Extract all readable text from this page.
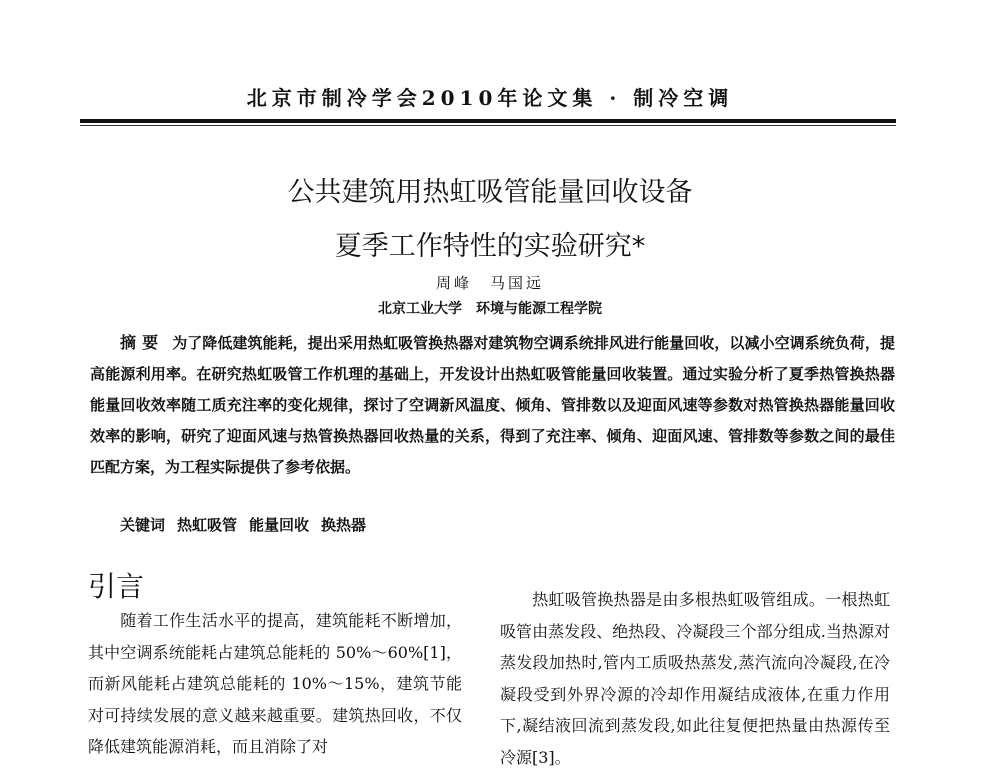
北京市制冷学会2010年论文集 · 制冷空调
公共建筑用热虹吸管能量回收设备
夏季工作特性的实验研究*
周峰　马国远
北京工业大学　环境与能源工程学院
摘要 为了降低建筑能耗，提出采用热虹吸管换热器对建筑物空调系统排风进行能量回收，以减小空调系统负荷，提高能源利用率。在研究热虹吸管工作机理的基础上，开发设计出热虹吸管能量回收装置。通过实验分析了夏季热管换热器能量回收效率随工质充注率的变化规律，探讨了空调新风温度、倾角、管排数以及迎面风速等参数对热管换热器能量回收效率的影响，研究了迎面风速与热管换热器回收热量的关系，得到了充注率、倾角、迎面风速、管排数等参数之间的最佳匹配方案，为工程实际提供了参考依据。
关键词 热虹吸管 能量回收 换热器
引言
随着工作生活水平的提高，建筑能耗不断增加，其中空调系统能耗占建筑总能耗的 50%～60%[1]，而新风能耗占建筑总能耗的 10%～15%，建筑节能对可持续发展的意义越来越重要。建筑热回收，不仅降低建筑能源消耗，而且消除了对
热虹吸管换热器是由多根热虹吸管组成。一根热虹吸管由蒸发段、绝热段、冷凝段三个部分组成.当热源对蒸发段加热时,管内工质吸热蒸发,蒸汽流向冷凝段,在冷凝段受到外界冷源的冷却作用凝结成液体,在重力作用下,凝结液回流到蒸发段,如此往复便把热量由热源传至冷源[3]。
